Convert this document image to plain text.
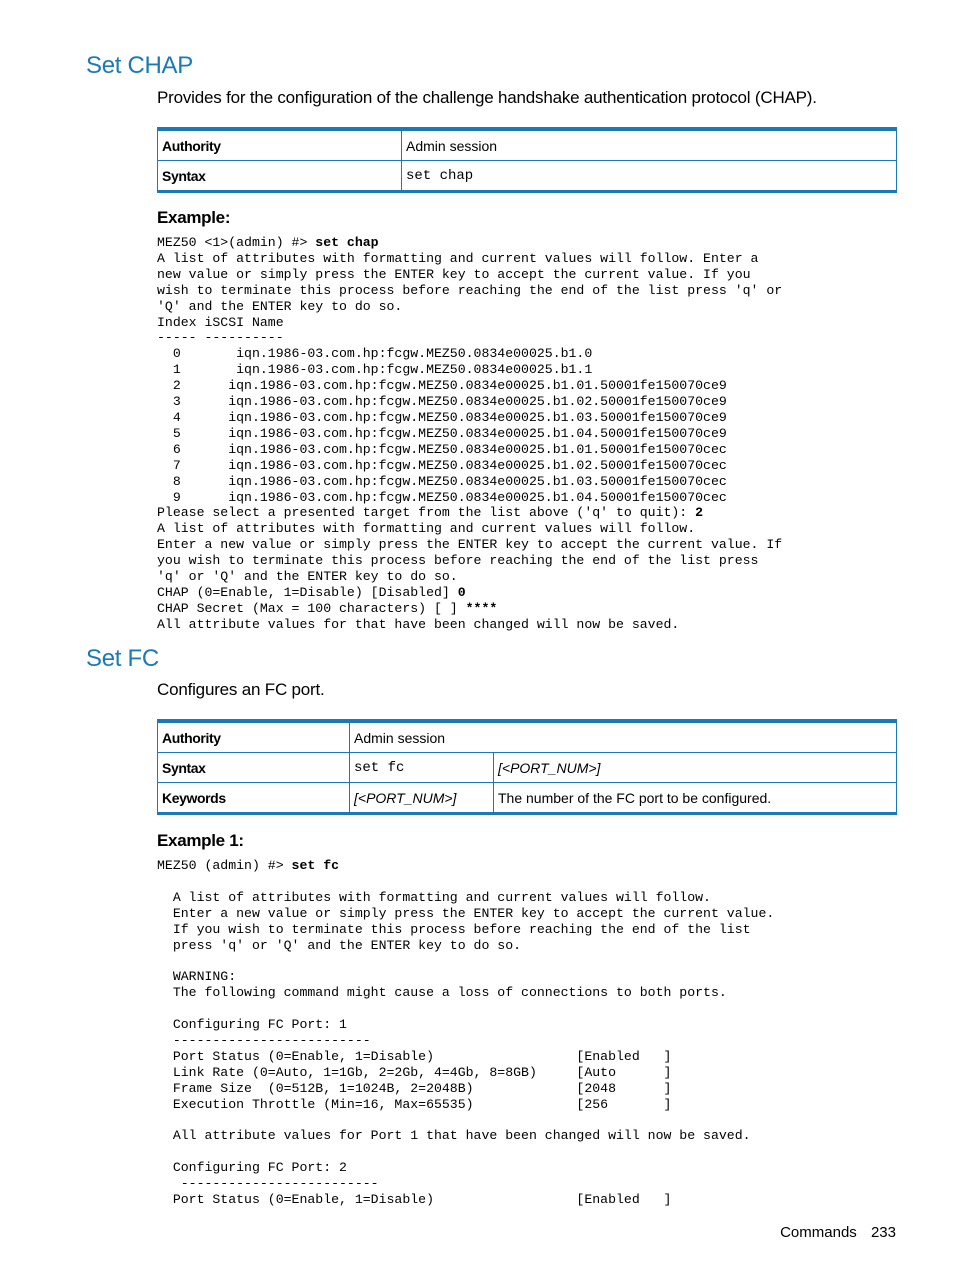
Set CHAP
Provides for the configuration of the challenge handshake authentication protocol (CHAP).
Authority	Admin session
Syntax	set chap
Example:
MEZ50 <1>(admin) #> set chap
A list of attributes with formatting and current values will follow. Enter a
new value or simply press the ENTER key to accept the current value. If you
wish to terminate this process before reaching the end of the list press 'q' or
'Q' and the ENTER key to do so.
Index iSCSI Name
----- ----------
0       iqn.1986-03.com.hp:fcgw.MEZ50.0834e00025.b1.0
1       iqn.1986-03.com.hp:fcgw.MEZ50.0834e00025.b1.1
2      iqn.1986-03.com.hp:fcgw.MEZ50.0834e00025.b1.01.50001fe150070ce9
3      iqn.1986-03.com.hp:fcgw.MEZ50.0834e00025.b1.02.50001fe150070ce9
4      iqn.1986-03.com.hp:fcgw.MEZ50.0834e00025.b1.03.50001fe150070ce9
5      iqn.1986-03.com.hp:fcgw.MEZ50.0834e00025.b1.04.50001fe150070ce9
6      iqn.1986-03.com.hp:fcgw.MEZ50.0834e00025.b1.01.50001fe150070cec
7      iqn.1986-03.com.hp:fcgw.MEZ50.0834e00025.b1.02.50001fe150070cec
8      iqn.1986-03.com.hp:fcgw.MEZ50.0834e00025.b1.03.50001fe150070cec
9      iqn.1986-03.com.hp:fcgw.MEZ50.0834e00025.b1.04.50001fe150070cec
Please select a presented target from the list above ('q' to quit): 2
A list of attributes with formatting and current values will follow.
Enter a new value or simply press the ENTER key to accept the current value. If
you wish to terminate this process before reaching the end of the list press
'q' or 'Q' and the ENTER key to do so.
CHAP (0=Enable, 1=Disable) [Disabled] 0
CHAP Secret (Max = 100 characters) [ ] ****
All attribute values for that have been changed will now be saved.
Set FC
Configures an FC port.
Authority	Admin session	
Syntax	set fc	[<PORT_NUM>]
Keywords	[<PORT_NUM>]	The number of the FC port to be configured.
Example 1:
MEZ50 (admin) #> set fc

A list of attributes with formatting and current values will follow.
Enter a new value or simply press the ENTER key to accept the current value.
If you wish to terminate this process before reaching the end of the list
press 'q' or 'Q' and the ENTER key to do so.

WARNING:
The following command might cause a loss of connections to both ports.

Configuring FC Port: 1
-------------------------
Port Status (0=Enable, 1=Disable)                  [Enabled   ]
Link Rate (0=Auto, 1=1Gb, 2=2Gb, 4=4Gb, 8=8GB)     [Auto      ]
Frame Size  (0=512B, 1=1024B, 2=2048B)             [2048      ]
Execution Throttle (Min=16, Max=65535)             [256       ]

All attribute values for Port 1 that have been changed will now be saved.

Configuring FC Port: 2
-------------------------
Port Status (0=Enable, 1=Disable)                  [Enabled   ]
Commands 233
